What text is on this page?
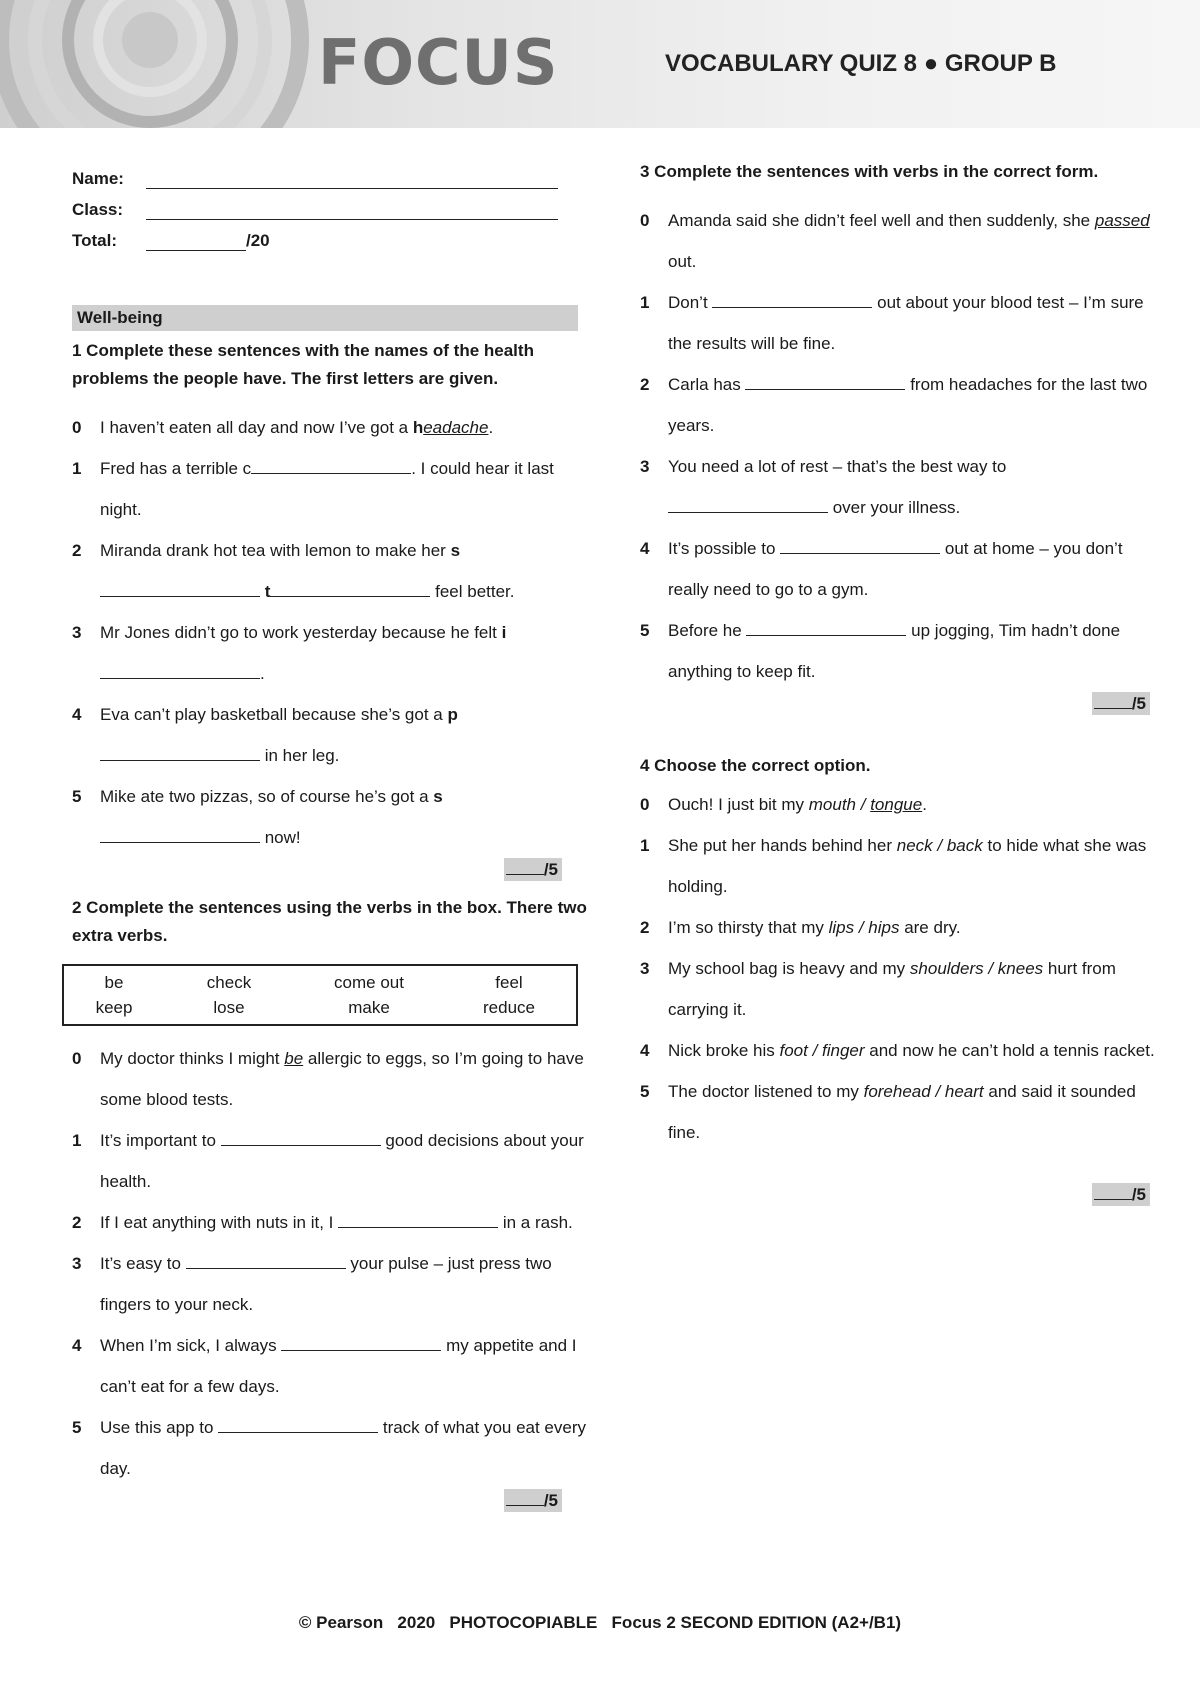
FOCUS	VOCABULARY QUIZ 8 ● GROUP B
Name:
Class:
Total:	/20
Well-being
1 Complete these sentences with the names of the health problems the people have. The first letters are given.
0	I haven’t eaten all day and now I’ve got a headache.
1	Fred has a terrible c	. I could hear it last night.
2	Miranda drank hot tea with lemon to make her s t	feel better.
3	Mr Jones didn’t go to work yesterday because he felt i.
4	Eva can’t play basketball because she’s got a p in her leg.
5	Mike ate two pizzas, so of course he’s got a s now!
/5
2 Complete the sentences using the verbs in the box. There two extra verbs.
be	check	come out	feel
keep	lose	make	reduce
0	My doctor thinks I might be allergic to eggs, so I’m going to have some blood tests.
1	It’s important to	good decisions about your health.
2	If I eat anything with nuts in it, I	in a rash.
3	It’s easy to	your pulse – just press two fingers to your neck.
4	When I’m sick, I always	my appetite and I can’t eat for a few days.
5	Use this app to	track of what you eat every day.
/5
3 Complete the sentences with verbs in the correct form.
0	Amanda said she didn’t feel well and then suddenly, she passed out.
1	Don’t	out about your blood test – I’m sure the results will be fine.
2	Carla has	from headaches for the last two years.
3	You need a lot of rest – that’s the best way to  over your illness.
4	It’s possible to	out at home – you don’t really need to go to a gym.
5	Before he	up jogging, Tim hadn’t done anything to keep fit.
/5
4 Choose the correct option.
0	Ouch! I just bit my mouth / tongue.
1	She put her hands behind her neck / back to hide what she was holding.
2	I’m so thirsty that my lips / hips are dry.
3	My school bag is heavy and my shoulders / knees hurt from carrying it.
4	Nick broke his foot / finger and now he can’t hold a tennis racket.
5	The doctor listened to my forehead / heart and said it sounded fine.
/5
© Pearson   2020   PHOTOCOPIABLE   Focus 2 SECOND EDITION (A2+/B1)
